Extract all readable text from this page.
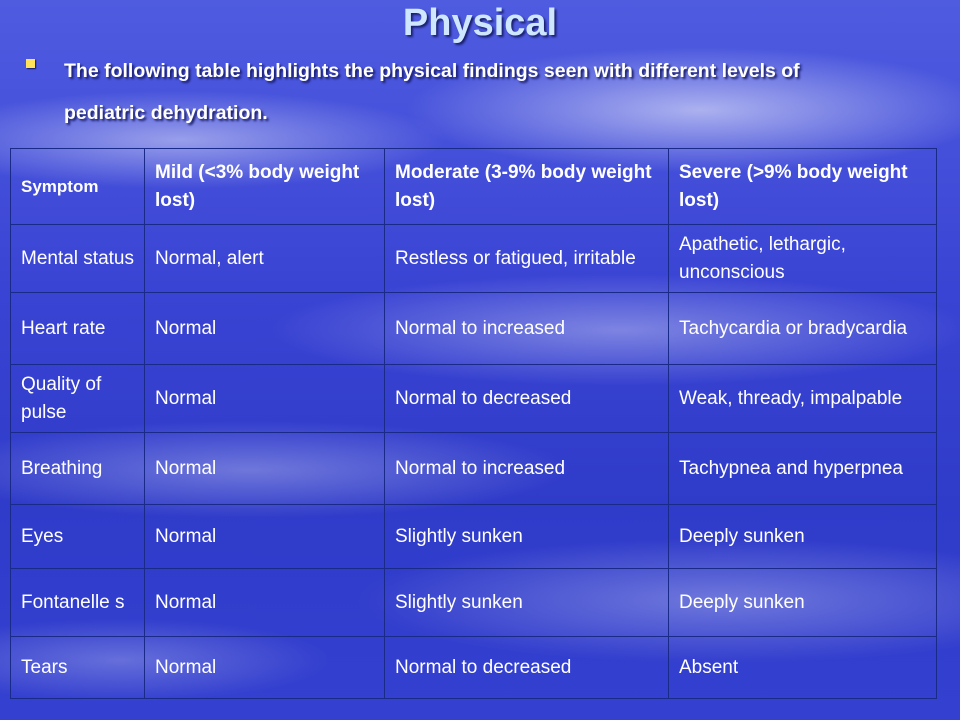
Physical
The following table highlights the physical findings seen with different levels of
pediatric dehydration.
Symptom	Mild (<3% body weight lost)	Moderate (3-9% body weight lost)	Severe (>9% body weight lost)
Mental status	Normal, alert	Restless or fatigued, irritable	Apathetic, lethargic, unconscious
Heart rate	Normal	Normal to increased	Tachycardia or bradycardia
Quality of pulse	Normal	Normal to decreased	Weak, thready, impalpable
Breathing	Normal	Normal to increased	Tachypnea and hyperpnea
Eyes	Normal	Slightly sunken	Deeply sunken
Fontanelle s	Normal	Slightly sunken	Deeply sunken
Tears	Normal	Normal to decreased	Absent
